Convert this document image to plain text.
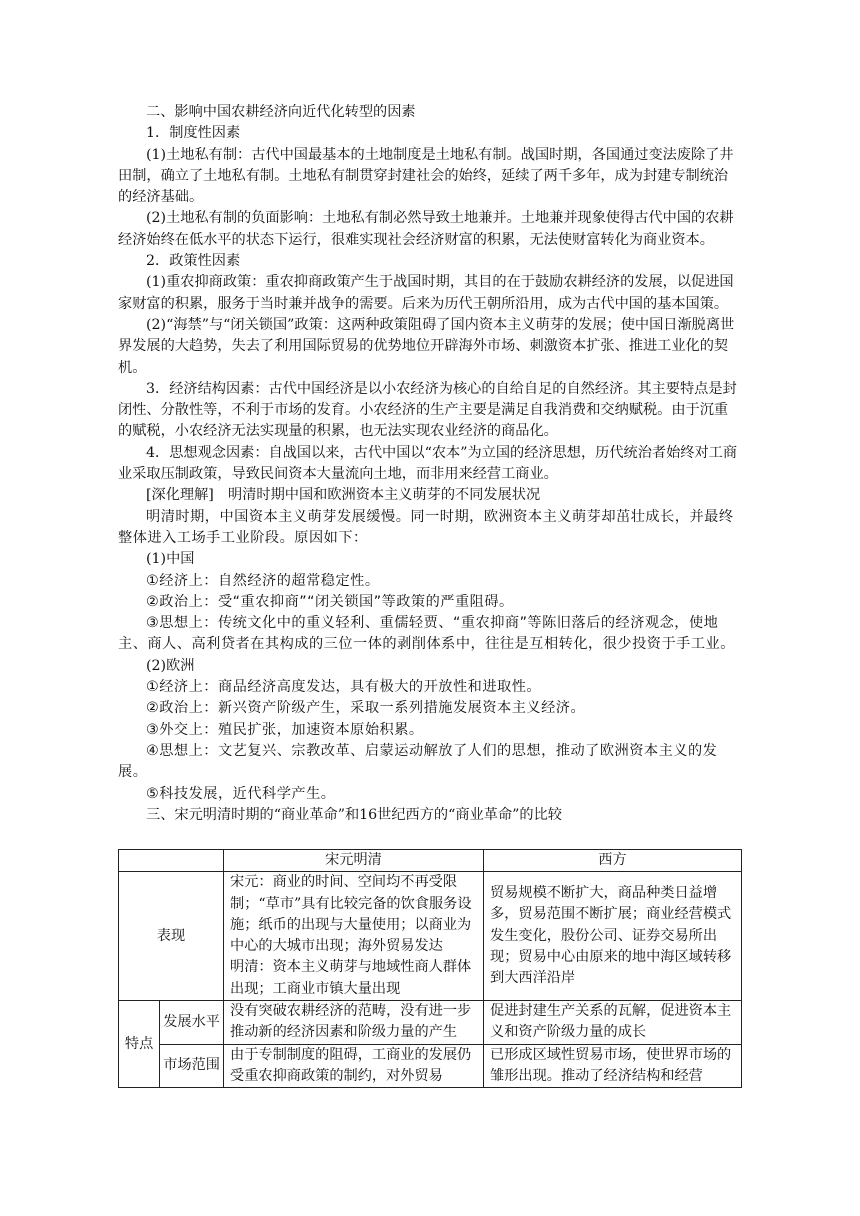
二、影响中国农耕经济向近代化转型的因素

1．制度性因素

(1)土地私有制：古代中国最基本的土地制度是土地私有制。战国时期，各国通过变法废除了井田制，确立了土地私有制。土地私有制贯穿封建社会的始终，延续了两千多年，成为封建专制统治的经济基础。

(2)土地私有制的负面影响：土地私有制必然导致土地兼并。土地兼并现象使得古代中国的农耕经济始终在低水平的状态下运行，很难实现社会经济财富的积累，无法使财富转化为商业资本。

2．政策性因素

(1)重农抑商政策：重农抑商政策产生于战国时期，其目的在于鼓励农耕经济的发展，以促进国家财富的积累，服务于当时兼并战争的需要。后来为历代王朝所沿用，成为古代中国的基本国策。

(2)“海禁”与“闭关锁国”政策：这两种政策阻碍了国内资本主义萌芽的发展；使中国日渐脱离世界发展的大趋势，失去了利用国际贸易的优势地位开辟海外市场、刺激资本扩张、推进工业化的契机。

3．经济结构因素：古代中国经济是以小农经济为核心的自给自足的自然经济。其主要特点是封闭性、分散性等，不利于市场的发育。小农经济的生产主要是满足自我消费和交纳赋税。由于沉重的赋税，小农经济无法实现量的积累，也无法实现农业经济的商品化。

4．思想观念因素：自战国以来，古代中国以“农本”为立国的经济思想，历代统治者始终对工商业采取压制政策，导致民间资本大量流向土地，而非用来经营工商业。

[深化理解]　明清时期中国和欧洲资本主义萌芽的不同发展状况

明清时期，中国资本主义萌芽发展缓慢。同一时期，欧洲资本主义萌芽却茁壮成长，并最终整体进入工场手工业阶段。原因如下：

(1)中国

①经济上：自然经济的超常稳定性。

②政治上：受“重农抑商”“闭关锁国”等政策的严重阻碍。

③思想上：传统文化中的重义轻利、重儒轻贾、“重农抑商”等陈旧落后的经济观念，使地主、商人、高利贷者在其构成的三位一体的剥削体系中，往往是互相转化，很少投资于手工业。

(2)欧洲

①经济上：商品经济高度发达，具有极大的开放性和进取性。

②政治上：新兴资产阶级产生，采取一系列措施发展资本主义经济。

③外交上：殖民扩张，加速资本原始积累。

④思想上：文艺复兴、宗教改革、启蒙运动解放了人们的思想，推动了欧洲资本主义的发展。

⑤科技发展，近代科学产生。

三、宋元明清时期的“商业革命”和16世纪西方的“商业革命”的比较

		宋元明清	西方
表现		宋元：商业的时间、空间均不再受限制；“草市”具有比较完备的饮食服务设施；纸币的出现与大量使用；以商业为中心的大城市出现；海外贸易发达
明清：资本主义萌芽与地域性商人群体出现；工商业市镇大量出现	贸易规模不断扩大，商品种类日益增多，贸易范围不断扩展；商业经营模式发生变化，股份公司、证券交易所出现；贸易中心由原来的地中海区域转移到大西洋沿岸
特点	发展水平	没有突破农耕经济的范畴，没有进一步推动新的经济因素和阶级力量的产生	促进封建生产关系的瓦解，促进资本主义和资产阶级力量的成长
	市场范围	由于专制制度的阻碍，工商业的发展仍受重农抑商政策的制约，对外贸易	已形成区域性贸易市场，使世界市场的雏形出现。推动了经济结构和经营
